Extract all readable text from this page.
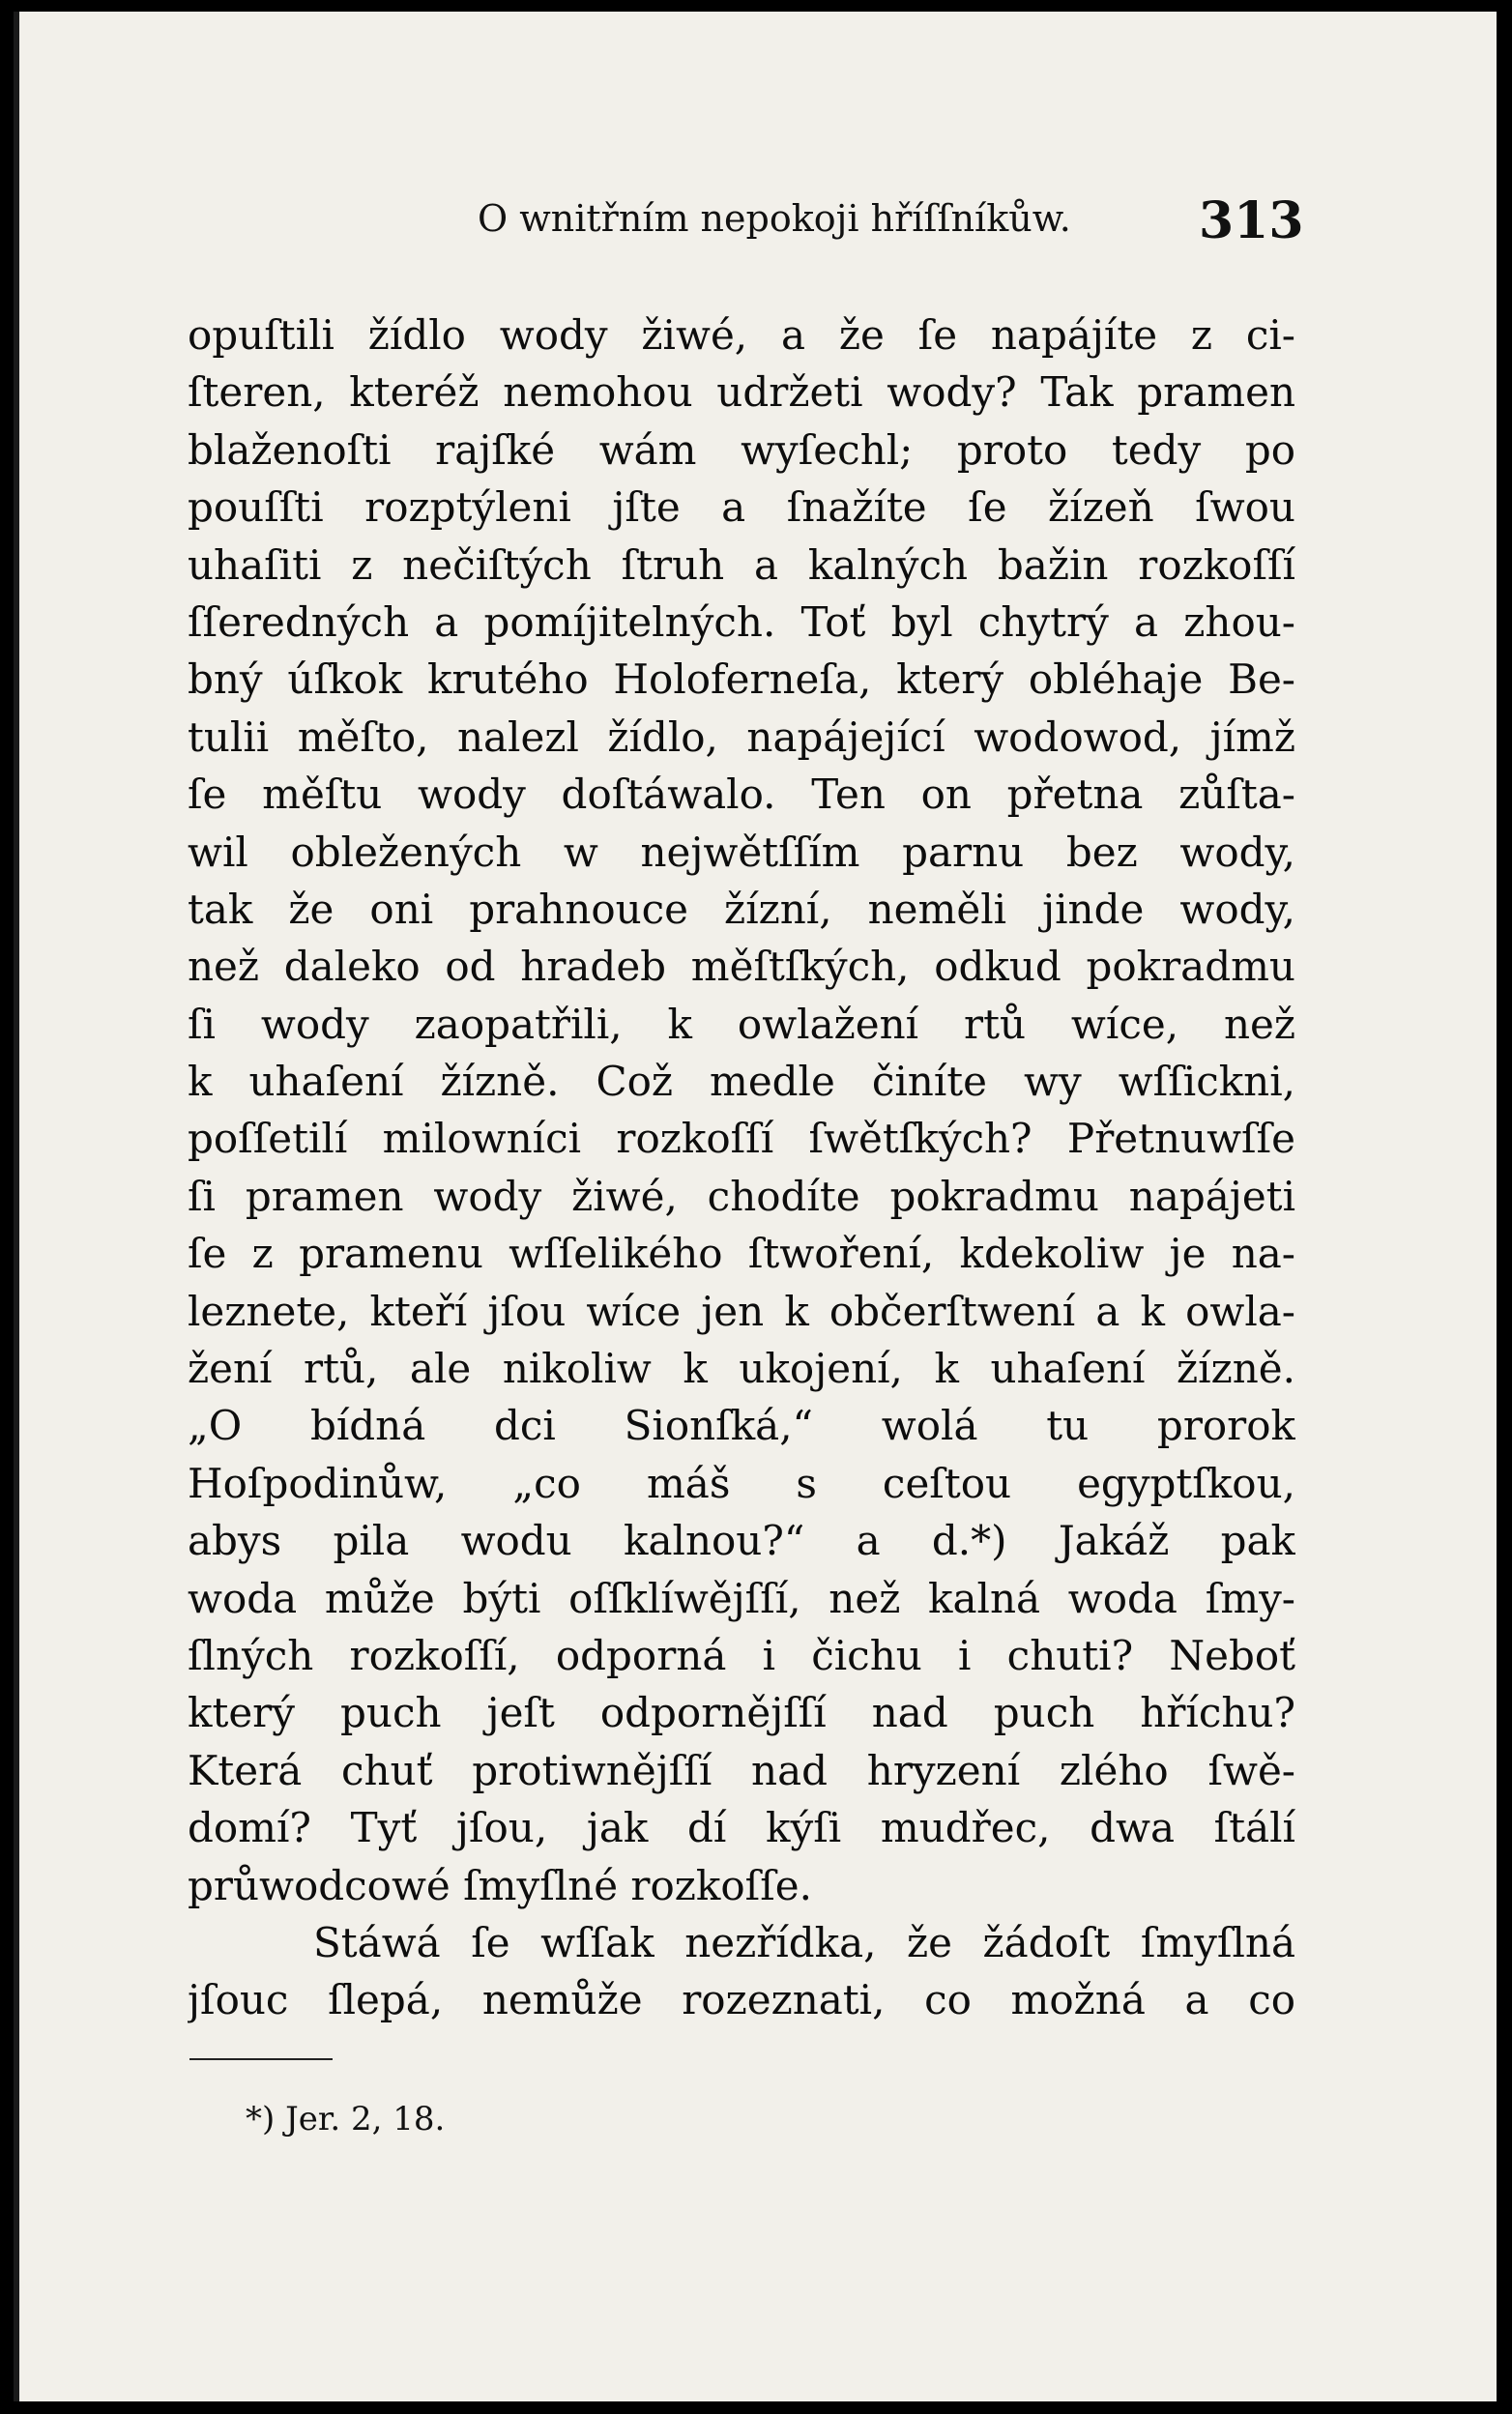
O wnitřním nepokoji hříſſníkůw.	313
opuſtili žídlo wody žiwé, a že ſe napájíte z ci-
ſteren, kteréž nemohou udržeti wody? Tak pramen
blaženoſti rajſké wám wyſechl; proto tedy po
pouſſti rozptýleni jſte a ſnažíte ſe žízeň ſwou
uhaſiti z nečiſtých ſtruh a kalných bažin rozkoſſí
ſſeredných a pomíjitelných. Toť byl chytrý a zhou-
bný úſkok krutého Holoferneſa, který obléhaje Be-
tulii měſto, nalezl žídlo, napájející wodowod, jímž
ſe měſtu wody doſtáwalo. Ten on přetna zůſta-
wil obležených w nejwětſſím parnu bez wody,
tak že oni prahnouce žízní, neměli jinde wody,
než daleko od hradeb měſtſkých, odkud pokradmu
ſi wody zaopatřili, k owlažení rtů wíce, než
k uhaſení žízně. Což medle činíte wy wſſickni,
poſſetilí milowníci rozkoſſí ſwětſkých? Přetnuwſſe
ſi pramen wody žiwé, chodíte pokradmu napájeti
ſe z pramenu wſſelikého ſtwoření, kdekoliw je na-
leznete, kteří jſou wíce jen k občerſtwení a k owla-
žení rtů, ale nikoliw k ukojení, k uhaſení žízně.
„O bídná dci Sionſká,“ wolá tu prorok
Hoſpodinůw, „co máš s ceſtou egyptſkou,
abys pila wodu kalnou?“ a d.*) Jakáž pak
woda může býti oſſklíwějſſí, než kalná woda ſmy-
ſlných rozkoſſí, odporná i čichu i chuti? Neboť
který puch jeſt odpornějſſí nad puch hříchu?
Která chuť protiwnějſſí nad hryzení zlého ſwě-
domí? Tyť jſou, jak dí kýſi mudřec, dwa ſtálí
průwodcowé ſmyſlné rozkoſſe.
Stáwá ſe wſſak nezřídka, že žádoſt ſmyſlná
jſouc ſlepá, nemůže rozeznati, co možná a co
*) Jer. 2, 18.
